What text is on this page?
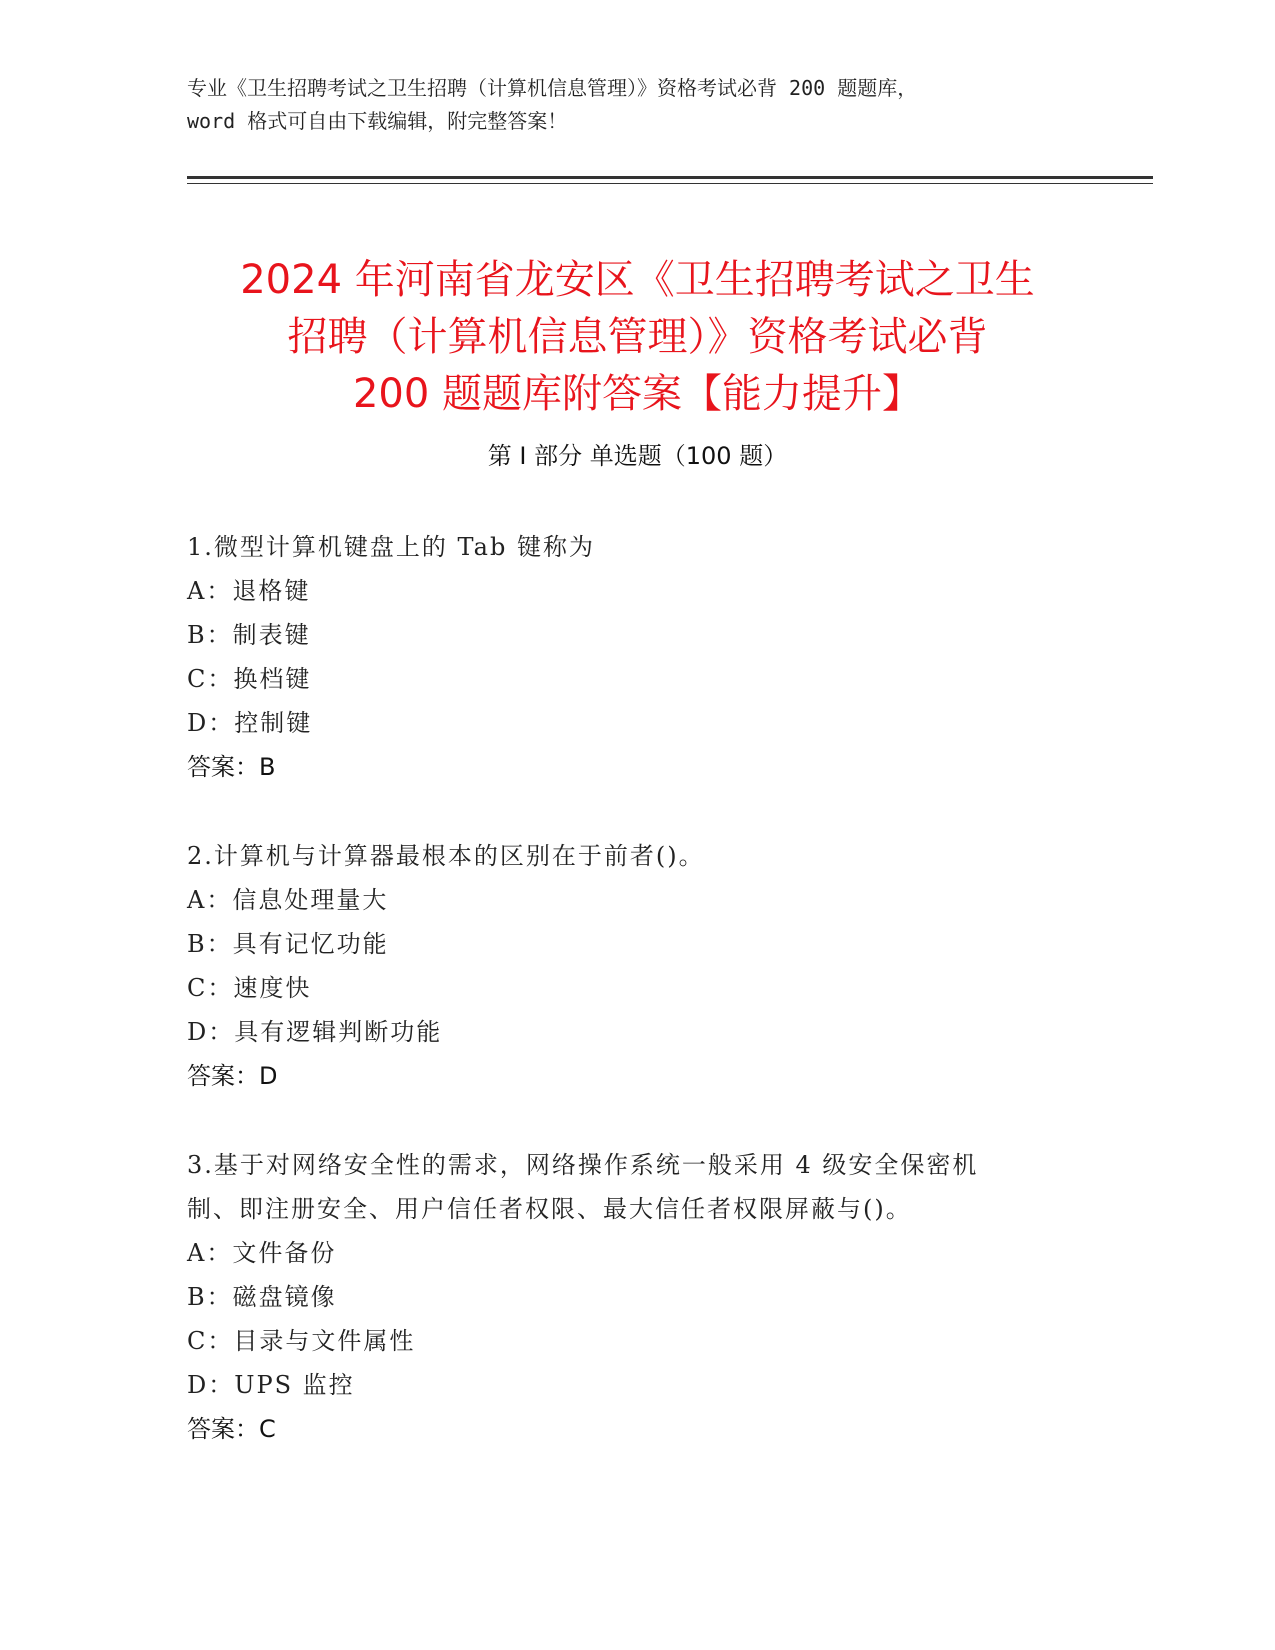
专业《卫生招聘考试之卫生招聘（计算机信息管理）》资格考试必背 200 题题库，
word 格式可自由下载编辑，附完整答案！
2024 年河南省龙安区《卫生招聘考试之卫生
招聘（计算机信息管理）》资格考试必背
200 题题库附答案【能力提升】
第 I 部分 单选题（100 题）
1.微型计算机键盘上的 Tab 键称为
A：退格键
B：制表键
C：换档键
D：控制键
答案：B
2.计算机与计算器最根本的区别在于前者()。
A：信息处理量大
B：具有记忆功能
C：速度快
D：具有逻辑判断功能
答案：D
3.基于对网络安全性的需求，网络操作系统一般采用 4 级安全保密机
制、即注册安全、用户信任者权限、最大信任者权限屏蔽与()。
A：文件备份
B：磁盘镜像
C：目录与文件属性
D：UPS 监控
答案：C
